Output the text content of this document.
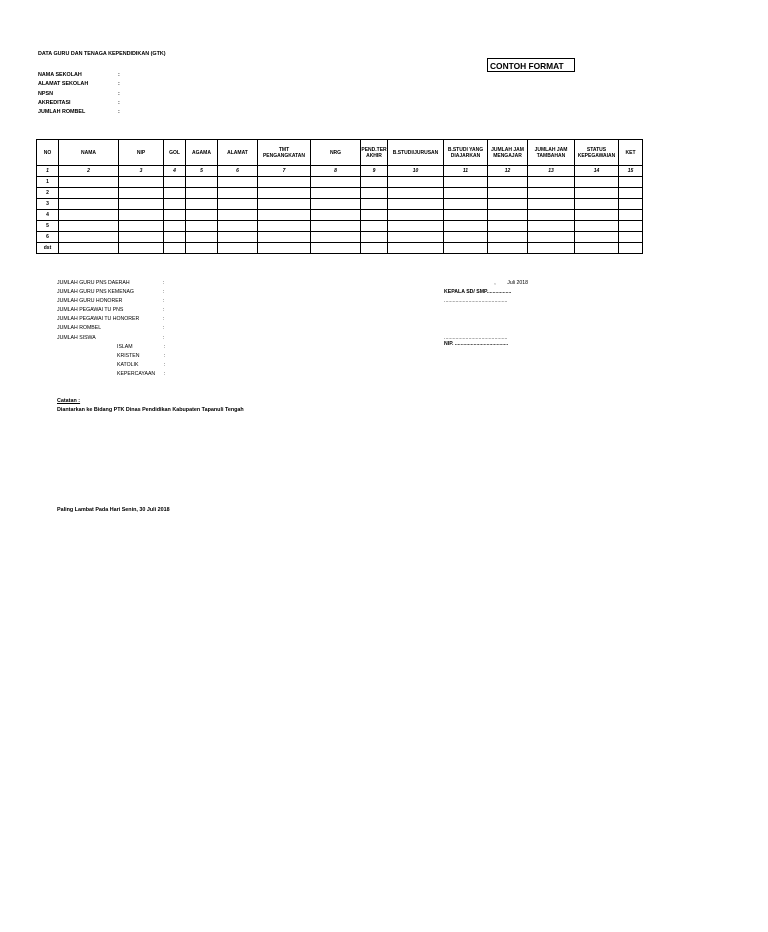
DATA GURU DAN TENAGA KEPENDIDIKAN (GTK)
CONTOH FORMAT
NAMA SEKOLAH	:
ALAMAT SEKOLAH	:
NPSN	:
AKREDITASI	:
JUMLAH ROMBEL	:
NO	NAMA	NIP	GOL	AGAMA	ALAMAT	TMT PENGANGKATAN	NRG	PEND.TER AKHIR	B.STUDI/JURUSAN	B.STUDI YANG DIAJARKAN	JUMLAH JAM MENGAJAR	JUMLAH JAM TAMBAHAN	STATUS KEPEGAWAIAN	KET
1	2	3	4	5	6	7	8	9	10	11	12	13	14	15
1														
2														
3														
4														
5														
6														
dst														
JUMLAH GURU PNS DAERAH	:
JUMLAH GURU PNS KEMENAG	:
JUMLAH GURU HONORER	:
JUMLAH PEGAWAI TU PNS	:
JUMLAH PEGAWAI TU HONORER	:
JUMLAH ROMBEL	:
JUMLAH SISWA	:
ISLAM	:
KRISTEN	:
KATOLIK	:
KEPERCAYAAN :
, Juli 2018
KEPALA SD/ SMP.................
............................................
............................................
NIP. .....................................
Catatan :
Diantarkan ke Bidang PTK Dinas Pendidikan Kabupaten Tapanuli Tengah
Paling Lambat Pada Hari Senin, 30 Juli 2018
